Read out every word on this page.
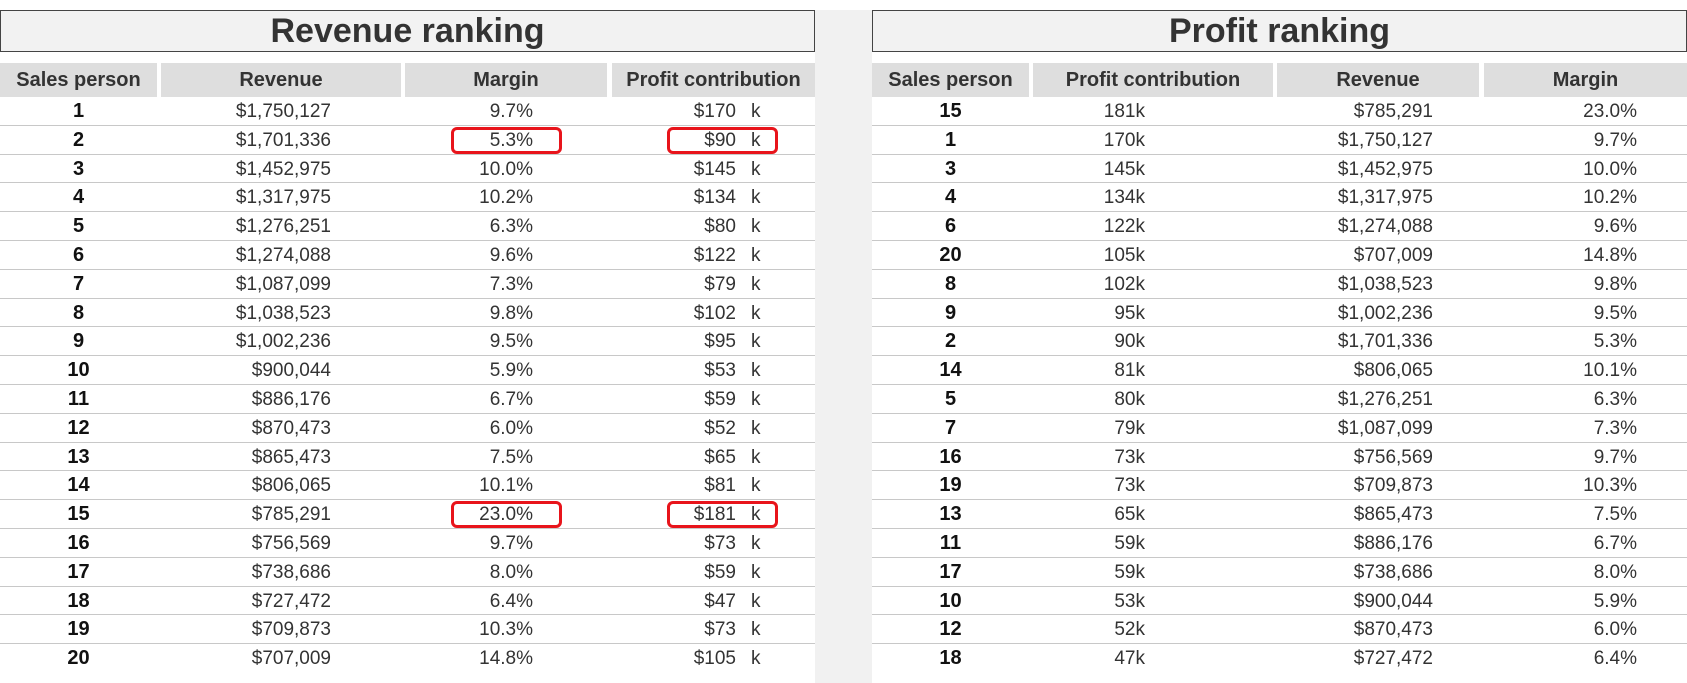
Revenue ranking
Sales person	Revenue	Margin	Profit contribution
1	$1,750,127	9.7%	$170 k
2	$1,701,336	5.3%	$90 k
3	$1,452,975	10.0%	$145 k
4	$1,317,975	10.2%	$134 k
5	$1,276,251	6.3%	$80 k
6	$1,274,088	9.6%	$122 k
7	$1,087,099	7.3%	$79 k
8	$1,038,523	9.8%	$102 k
9	$1,002,236	9.5%	$95 k
10	$900,044	5.9%	$53 k
11	$886,176	6.7%	$59 k
12	$870,473	6.0%	$52 k
13	$865,473	7.5%	$65 k
14	$806,065	10.1%	$81 k
15	$785,291	23.0%	$181 k
16	$756,569	9.7%	$73 k
17	$738,686	8.0%	$59 k
18	$727,472	6.4%	$47 k
19	$709,873	10.3%	$73 k
20	$707,009	14.8%	$105 k
Profit ranking
Sales person	Profit contribution	Revenue	Margin
15	181k	$785,291	23.0%
1	170k	$1,750,127	9.7%
3	145k	$1,452,975	10.0%
4	134k	$1,317,975	10.2%
6	122k	$1,274,088	9.6%
20	105k	$707,009	14.8%
8	102k	$1,038,523	9.8%
9	95k	$1,002,236	9.5%
2	90k	$1,701,336	5.3%
14	81k	$806,065	10.1%
5	80k	$1,276,251	6.3%
7	79k	$1,087,099	7.3%
16	73k	$756,569	9.7%
19	73k	$709,873	10.3%
13	65k	$865,473	7.5%
11	59k	$886,176	6.7%
17	59k	$738,686	8.0%
10	53k	$900,044	5.9%
12	52k	$870,473	6.0%
18	47k	$727,472	6.4%
